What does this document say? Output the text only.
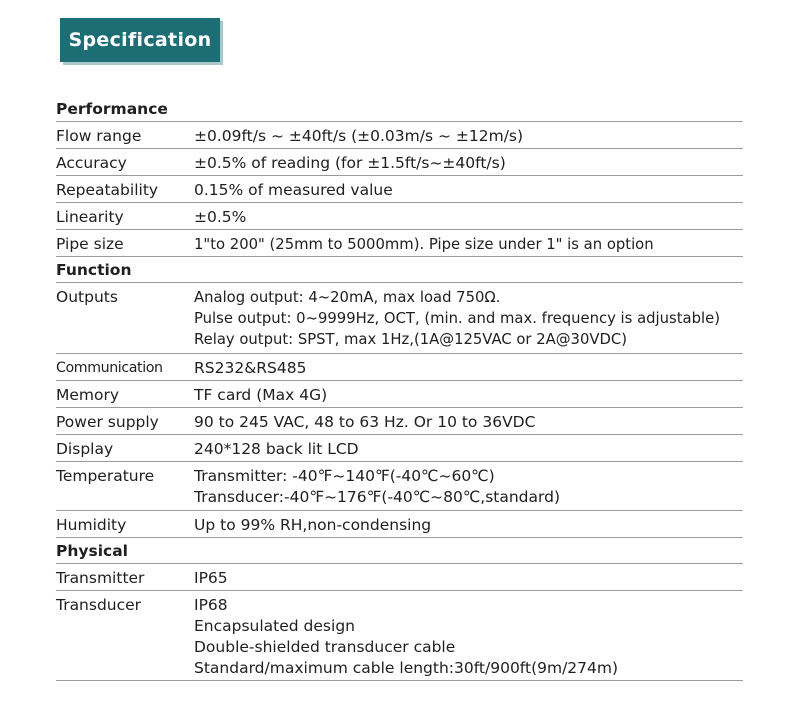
Specification
Performance
Flow range	±0.09ft/s ~ ±40ft/s (±0.03m/s ~ ±12m/s)
Accuracy	±0.5% of reading (for ±1.5ft/s~±40ft/s)
Repeatability	0.15% of measured value
Linearity	±0.5%
Pipe size	1"to 200" (25mm to 5000mm). Pipe size under 1" is an option
Function
Outputs	Analog output: 4~20mA, max load 750Ω.
Pulse output: 0~9999Hz, OCT, (min. and max. frequency is adjustable)
Relay output: SPST, max 1Hz,(1A@125VAC or 2A@30VDC)
Communication	RS232&RS485
Memory	TF card (Max 4G)
Power supply	90 to 245 VAC, 48 to 63 Hz. Or 10 to 36VDC
Display	240*128 back lit LCD
Temperature	Transmitter: -40℉~140℉(-40℃~60℃)
Transducer:-40℉~176℉(-40℃~80℃,standard)
Humidity	Up to 99% RH,non-condensing
Physical
Transmitter	IP65
Transducer	IP68
Encapsulated design
Double-shielded transducer cable
Standard/maximum cable length:30ft/900ft(9m/274m)
